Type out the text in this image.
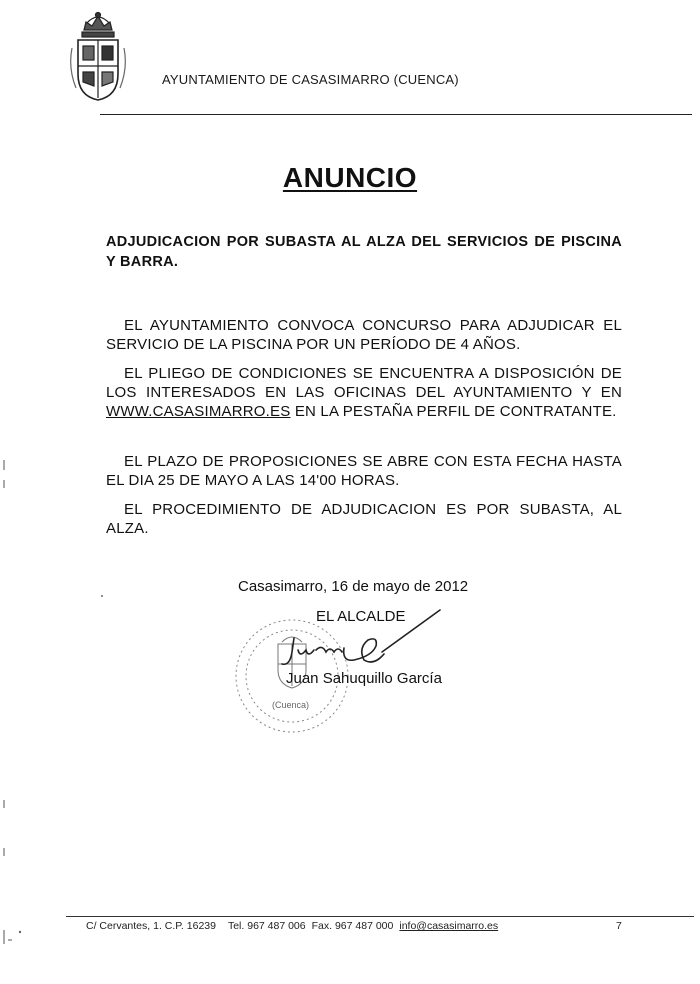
AYUNTAMIENTO DE CASASIMARRO (CUENCA)
ANUNCIO
ADJUDICACION POR SUBASTA AL ALZA DEL SERVICIOS DE PISCINA Y BARRA.
EL AYUNTAMIENTO CONVOCA CONCURSO PARA ADJUDICAR EL SERVICIO DE LA PISCINA POR UN PERÍODO DE 4 AÑOS.
EL PLIEGO DE CONDICIONES SE ENCUENTRA A DISPOSICIÓN DE LOS INTERESADOS EN LAS OFICINAS DEL AYUNTAMIENTO Y EN WWW.CASASIMARRO.ES EN LA PESTAÑA PERFIL DE CONTRATANTE.
EL PLAZO DE PROPOSICIONES SE ABRE CON ESTA FECHA HASTA EL DIA 25 DE MAYO A LAS 14'00 HORAS.
EL PROCEDIMIENTO DE ADJUDICACION ES POR SUBASTA, AL ALZA.
Casasimarro, 16 de mayo de 2012
(Cuenca)
EL ALCALDE
Juan Sahuquillo García
C/ Cervantes, 1. C.P. 16239 Tel. 967 487 006 Fax. 967 487 000 info@casasimarro.es	7
